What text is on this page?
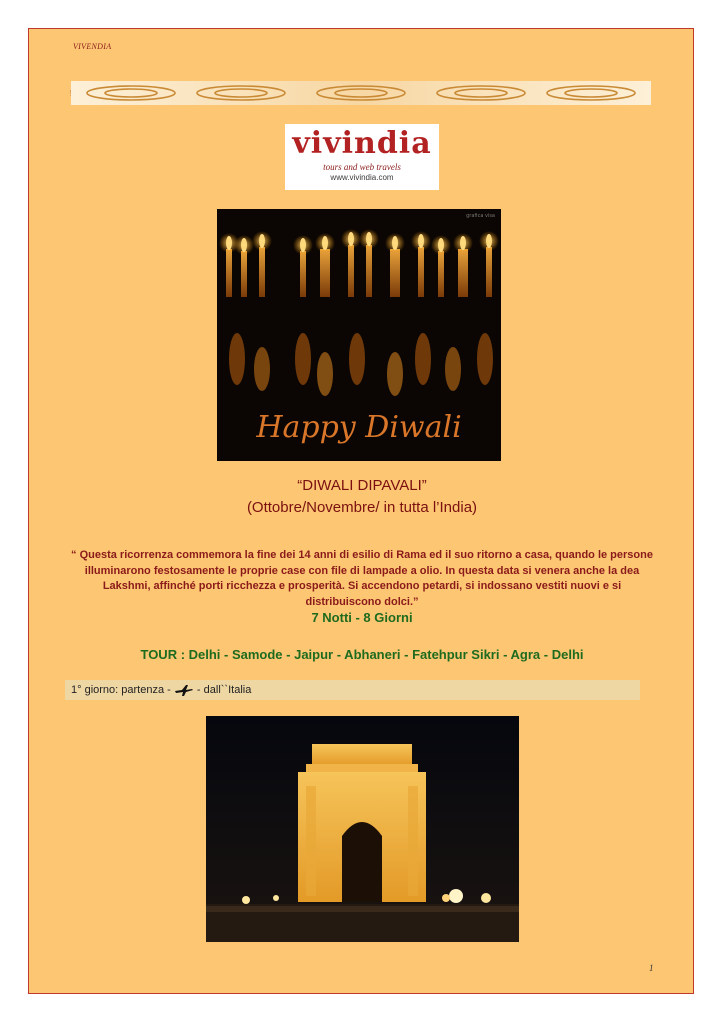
VIVENDIA
vivindia
tours and web travels
www.vivindia.com
Happy Diwali
grafica visa
“DIWALI DIPAVALI”
(Ottobre/Novembre/ in tutta l’India)
“ Questa ricorrenza commemora la fine dei 14 anni di esilio di Rama ed il suo ritorno a casa, quando le persone illuminarono festosamente le proprie case con file di lampade a olio. In questa data si venera anche la dea Lakshmi, affinché porti ricchezza e prosperità. Si accendono petardi, si indossano vestiti nuovi e si distribuiscono dolci.”
7 Notti - 8 Giorni
TOUR : Delhi - Samode - Jaipur - Abhaneri - Fatehpur Sikri - Agra - Delhi
1° giorno: partenza -  - dall``Italia
1
